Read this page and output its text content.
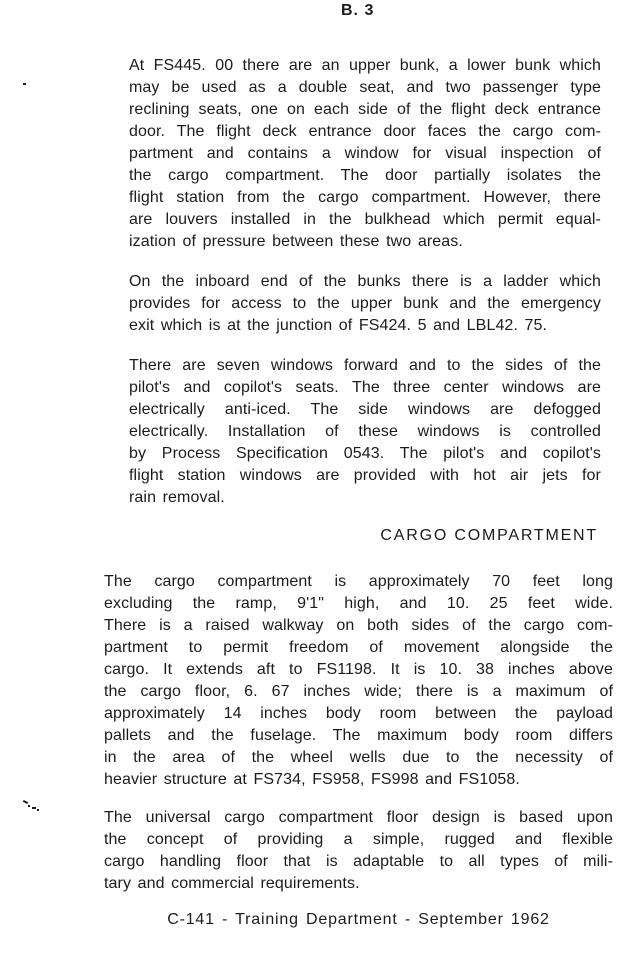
B. 3
At FS445. 00 there are an upper bunk, a lower bunk which
may be used as a double seat, and two passenger type
reclining seats, one on each side of the flight deck entrance
door. The flight deck entrance door faces the cargo com-
partment and contains a window for visual inspection of
the cargo compartment. The door partially isolates the
flight station from the cargo compartment. However, there
are louvers installed in the bulkhead which permit equal-
ization of pressure between these two areas.
On the inboard end of the bunks there is a ladder which
provides for access to the upper bunk and the emergency
exit which is at the junction of FS424. 5 and LBL42. 75.
There are seven windows forward and to the sides of the
pilot's and copilot's seats. The three center windows are
electrically anti-iced. The side windows are defogged
electrically. Installation of these windows is controlled
by Process Specification 0543. The pilot's and copilot's
flight station windows are provided with hot air jets for
rain removal.
CARGO COMPARTMENT
The cargo compartment is approximately 70 feet long
excluding the ramp, 9'1" high, and 10. 25 feet wide.
There is a raised walkway on both sides of the cargo com-
partment to permit freedom of movement alongside the
cargo. It extends aft to FS1198. It is 10. 38 inches above
the cargo floor, 6. 67 inches wide; there is a maximum of
approximately 14 inches body room between the payload
pallets and the fuselage. The maximum body room differs
in the area of the wheel wells due to the necessity of
heavier structure at FS734, FS958, FS998 and FS1058.
The universal cargo compartment floor design is based upon
the concept of providing a simple, rugged and flexible
cargo handling floor that is adaptable to all types of mili-
tary and commercial requirements.
C-141 - Training Department - September 1962
